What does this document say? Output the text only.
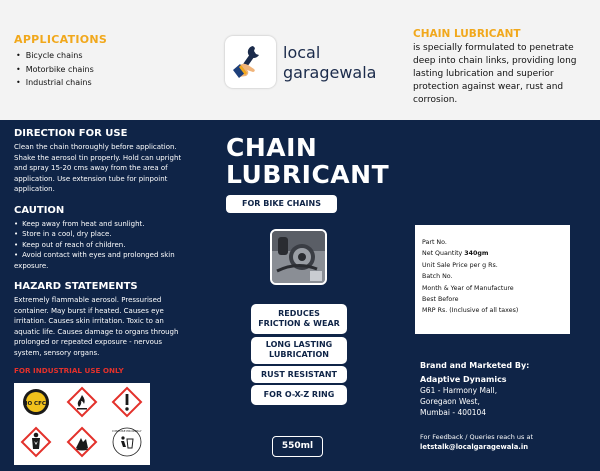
APPLICATIONS
• Bicycle chains
• Motorbike chains
• Industrial chains
local
garagewala
CHAIN LUBRICANT
is specially formulated to penetrate deep into chain links, providing long lasting lubrication and superior protection against wear, rust and corrosion.
DIRECTION FOR USE
Clean the chain thoroughly before application. Shake the aerosol tin properly. Hold can upright and spray 15-20 cms away from the area of application. Use extension tube for pinpoint application.
CAUTION
• Keep away from heat and sunlight.
• Store in a cool, dry place.
• Keep out of reach of children.
• Avoid contact with eyes and prolonged skin exposure.
HAZARD STATEMENTS
Extremely flammable aerosol. Pressurised container. May burst if heated. Causes eye irritation. Causes skin irritation. Toxic to an aquatic life. Causes damage to organs through prolonged or repeated exposure - nervous system, sensory organs.
FOR INDUSTRIAL USE ONLY
NO CFCs
DISPOSE PROPERLY
CHAIN
LUBRICANT
FOR BIKE CHAINS
REDUCES
FRICTION & WEAR
LONG LASTING
LUBRICATION
RUST RESISTANT
FOR O-X-Z RING
550ml
Part No.
Net Quantity 340gm
Unit Sale Price per g Rs.
Batch No.
Month & Year of Manufacture
Best Before
MRP Rs. (Inclusive of all taxes)
Brand and Marketed By:
Adaptive Dynamics
G61 - Harmony Mall,
Goregaon West,
Mumbai - 400104
For Feedback / Queries reach us at
letstalk@localgaragewala.in
